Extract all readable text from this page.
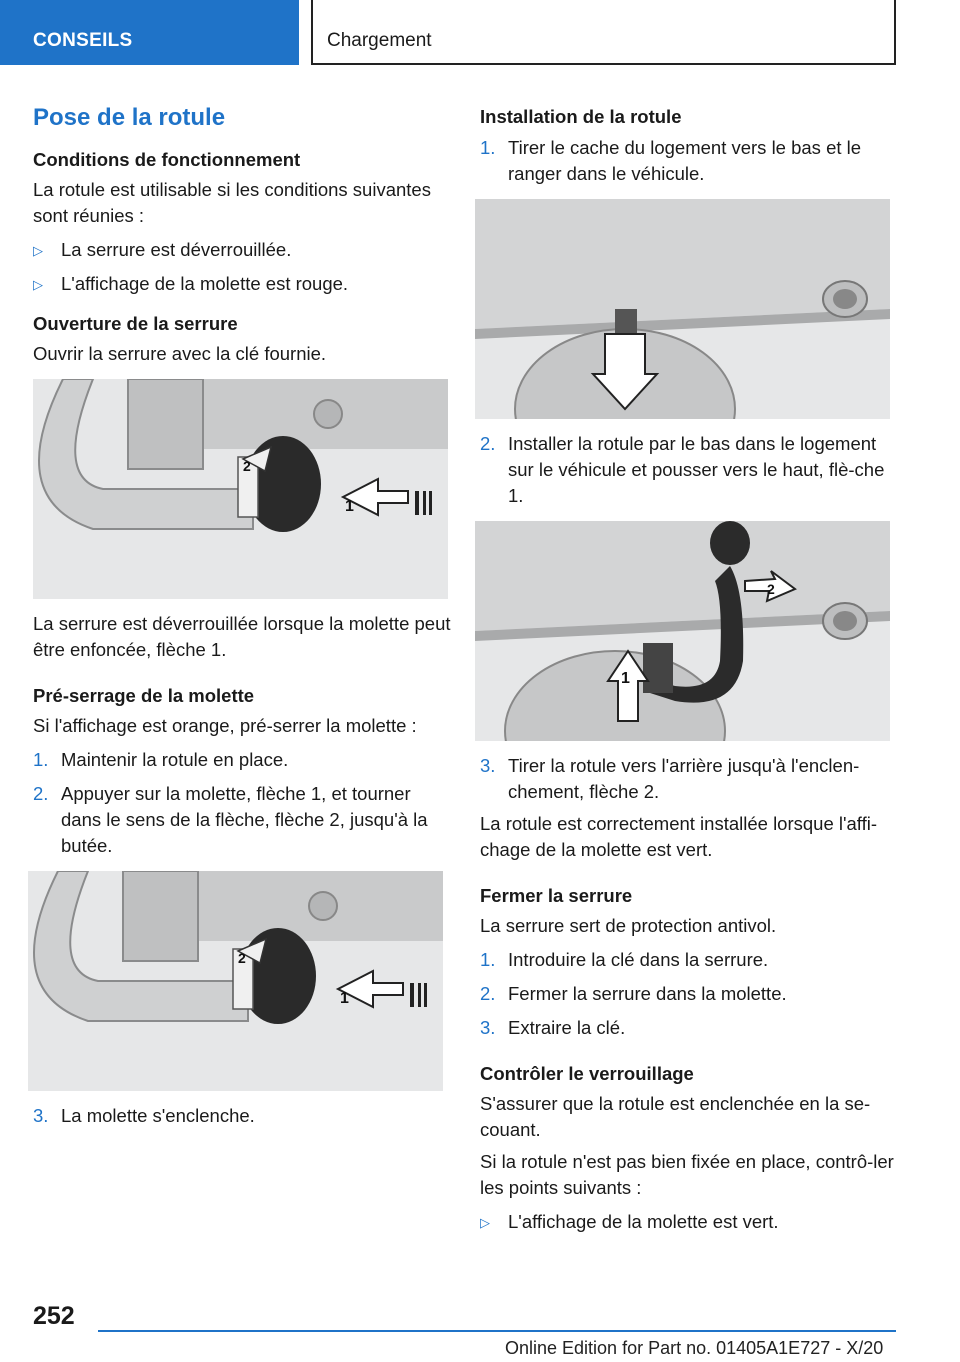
CONSEILS	Chargement
Pose de la rotule
Conditions de fonctionnement
La rotule est utilisable si les conditions suivantes sont réunies :
▷ La serrure est déverrouillée.
▷ L'affichage de la molette est rouge.
Ouverture de la serrure
Ouvrir la serrure avec la clé fournie.
1
2
La serrure est déverrouillée lorsque la molette peut être enfoncée, flèche 1.
Pré-serrage de la molette
Si l'affichage est orange, pré-serrer la molette :
1. Maintenir la rotule en place.
2. Appuyer sur la molette, flèche 1, et tourner dans le sens de la flèche, flèche 2, jusqu'à la butée.
1
2
3. La molette s'enclenche.
Installation de la rotule
1. Tirer le cache du logement vers le bas et le ranger dans le véhicule.
2. Installer la rotule par le bas dans le logement sur le véhicule et pousser vers le haut, flè-che 1.
1
2
3. Tirer la rotule vers l'arrière jusqu'à l'enclen-chement, flèche 2.
La rotule est correctement installée lorsque l'affi-chage de la molette est vert.
Fermer la serrure
La serrure sert de protection antivol.
1. Introduire la clé dans la serrure.
2. Fermer la serrure dans la molette.
3. Extraire la clé.
Contrôler le verrouillage
S'assurer que la rotule est enclenchée en la se-couant.
Si la rotule n'est pas bien fixée en place, contrô-ler les points suivants :
▷ L'affichage de la molette est vert.
252
Online Edition for Part no. 01405A1E727 - X/20
